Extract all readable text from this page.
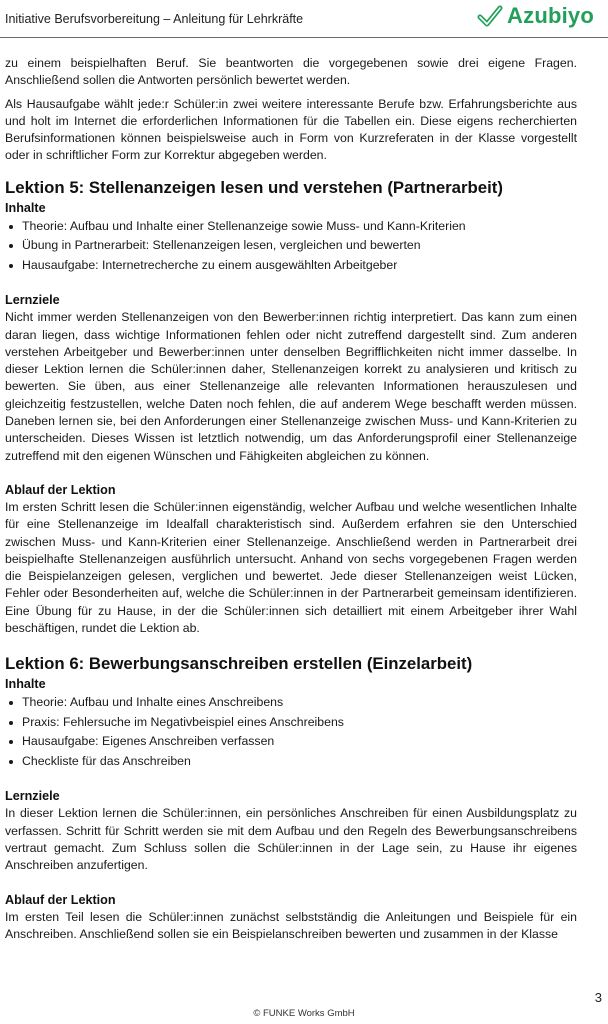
Initiative Berufsvorbereitung – Anleitung für Lehrkräfte	Azubiyo

zu einem beispielhaften Beruf. Sie beantworten die vorgegebenen sowie drei eigene Fragen. Anschließend sollen die Antworten persönlich bewertet werden.

Als Hausaufgabe wählt jede:r Schüler:in zwei weitere interessante Berufe bzw. Erfahrungsberichte aus und holt im Internet die erforderlichen Informationen für die Tabellen ein. Diese eigens recherchierten Berufsinformationen können beispielsweise auch in Form von Kurzreferaten in der Klasse vorgestellt oder in schriftlicher Form zur Korrektur abgegeben werden.

Lektion 5: Stellenanzeigen lesen und verstehen (Partnerarbeit)
Inhalte
Theorie: Aufbau und Inhalte einer Stellenanzeige sowie Muss- und Kann-Kriterien
Übung in Partnerarbeit: Stellenanzeigen lesen, vergleichen und bewerten
Hausaufgabe: Internetrecherche zu einem ausgewählten Arbeitgeber
Lernziele

Nicht immer werden Stellenanzeigen von den Bewerber:innen richtig interpretiert. Das kann zum einen daran liegen, dass wichtige Informationen fehlen oder nicht zutreffend dargestellt sind. Zum anderen verstehen Arbeitgeber und Bewerber:innen unter denselben Begrifflichkeiten nicht immer dasselbe. In dieser Lektion lernen die Schüler:innen daher, Stellenanzeigen korrekt zu analysieren und kritisch zu bewerten. Sie üben, aus einer Stellenanzeige alle relevanten Informationen herauszulesen und gleichzeitig festzustellen, welche Daten noch fehlen, die auf anderem Wege beschafft werden müssen. Daneben lernen sie, bei den Anforderungen einer Stellenanzeige zwischen Muss- und Kann-Kriterien zu unterscheiden. Dieses Wissen ist letztlich notwendig, um das Anforderungsprofil einer Stellenanzeige zutreffend mit den eigenen Wünschen und Fähigkeiten abgleichen zu können.

Ablauf der Lektion

Im ersten Schritt lesen die Schüler:innen eigenständig, welcher Aufbau und welche wesentlichen Inhalte für eine Stellenanzeige im Idealfall charakteristisch sind. Außerdem erfahren sie den Unterschied zwischen Muss- und Kann-Kriterien einer Stellenanzeige. Anschließend werden in Partnerarbeit drei beispielhafte Stellenanzeigen ausführlich untersucht. Anhand von sechs vorgegebenen Fragen werden die Beispielanzeigen gelesen, verglichen und bewertet. Jede dieser Stellenanzeigen weist Lücken, Fehler oder Besonderheiten auf, welche die Schüler:innen in der Partnerarbeit gemeinsam identifizieren. Eine Übung für zu Hause, in der die Schüler:innen sich detailliert mit einem Arbeitgeber ihrer Wahl beschäftigen, rundet die Lektion ab.

Lektion 6: Bewerbungsanschreiben erstellen (Einzelarbeit)
Inhalte
Theorie: Aufbau und Inhalte eines Anschreibens
Praxis: Fehlersuche im Negativbeispiel eines Anschreibens
Hausaufgabe: Eigenes Anschreiben verfassen
Checkliste für das Anschreiben
Lernziele

In dieser Lektion lernen die Schüler:innen, ein persönliches Anschreiben für einen Ausbildungsplatz zu verfassen. Schritt für Schritt werden sie mit dem Aufbau und den Regeln des Bewerbungsanschreibens vertraut gemacht. Zum Schluss sollen die Schüler:innen in der Lage sein, zu Hause ihr eigenes Anschreiben anzufertigen.

Ablauf der Lektion

Im ersten Teil lesen die Schüler:innen zunächst selbstständig die Anleitungen und Beispiele für ein Anschreiben. Anschließend sollen sie ein Beispielanschreiben bewerten und zusammen in der Klasse

3
© FUNKE Works GmbH
